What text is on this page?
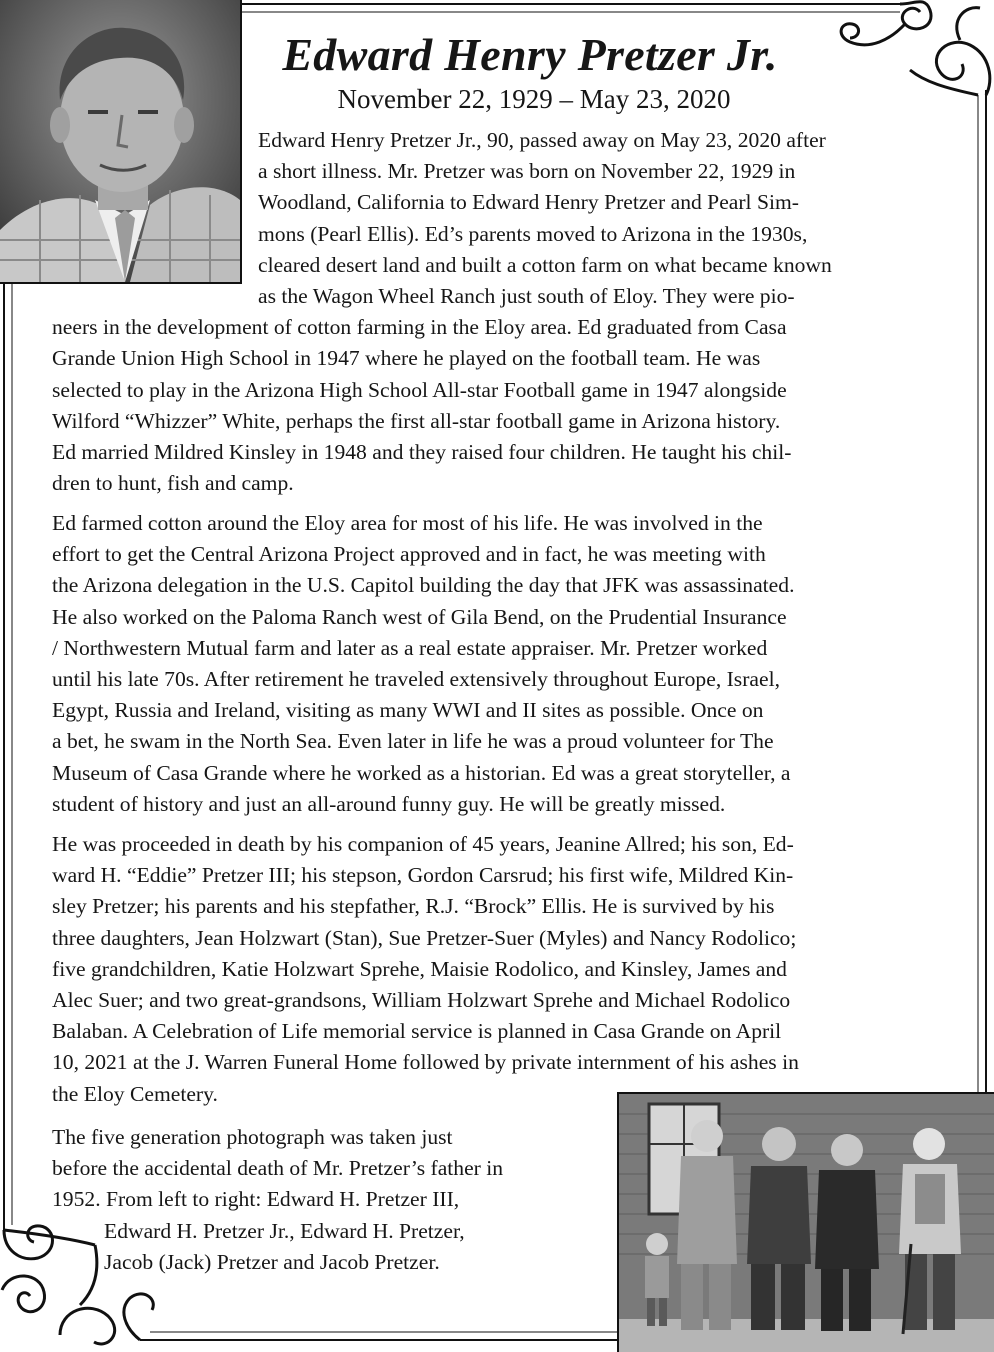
Edward Henry Pretzer Jr.
November 22, 1929 – May 23, 2020
Edward Henry Pretzer Jr., 90, passed away on May 23, 2020 after
a short illness. Mr. Pretzer was born on November 22, 1929 in
Woodland, California to Edward Henry Pretzer and Pearl Sim-
mons (Pearl Ellis). Ed’s parents moved to Arizona in the 1930s,
cleared desert land and built a cotton farm on what became known
as the Wagon Wheel Ranch just south of Eloy. They were pio-
neers in the development of cotton farming in the Eloy area. Ed graduated from Casa
Grande Union High School in 1947 where he played on the football team. He was
selected to play in the Arizona High School All-star Football game in 1947 alongside
Wilford “Whizzer” White, perhaps the first all-star football game in Arizona history.
Ed married Mildred Kinsley in 1948 and they raised four children. He taught his chil-
dren to hunt, fish and camp.
Ed farmed cotton around the Eloy area for most of his life. He was involved in the
effort to get the Central Arizona Project approved and in fact, he was meeting with
the Arizona delegation in the U.S. Capitol building the day that JFK was assassinated.
He also worked on the Paloma Ranch west of Gila Bend, on the Prudential Insurance
/ Northwestern Mutual farm and later as a real estate appraiser. Mr. Pretzer worked
until his late 70s. After retirement he traveled extensively throughout Europe, Israel,
Egypt, Russia and Ireland, visiting as many WWI and II sites as possible. Once on
a bet, he swam in the North Sea. Even later in life he was a proud volunteer for The
Museum of Casa Grande where he worked as a historian. Ed was a great storyteller, a
student of history and just an all-around funny guy. He will be greatly missed.
He was proceeded in death by his companion of 45 years, Jeanine Allred; his son, Ed-
ward H. “Eddie” Pretzer III; his stepson, Gordon Carsrud; his first wife, Mildred Kin-
sley Pretzer; his parents and his stepfather, R.J. “Brock” Ellis. He is survived by his
three daughters, Jean Holzwart (Stan), Sue Pretzer-Suer (Myles) and Nancy Rodolico;
five grandchildren, Katie Holzwart Sprehe, Maisie Rodolico, and Kinsley, James and
Alec Suer; and two great-grandsons, William Holzwart Sprehe and Michael Rodolico
Balaban. A Celebration of Life memorial service is planned in Casa Grande on April
10, 2021 at the J. Warren Funeral Home followed by private internment of his ashes in
the Eloy Cemetery.
The five generation photograph was taken just
before the accidental death of Mr. Pretzer’s father in
1952. From left to right: Edward H. Pretzer III,
Edward H. Pretzer Jr., Edward H. Pretzer,
Jacob (Jack) Pretzer and Jacob Pretzer.
